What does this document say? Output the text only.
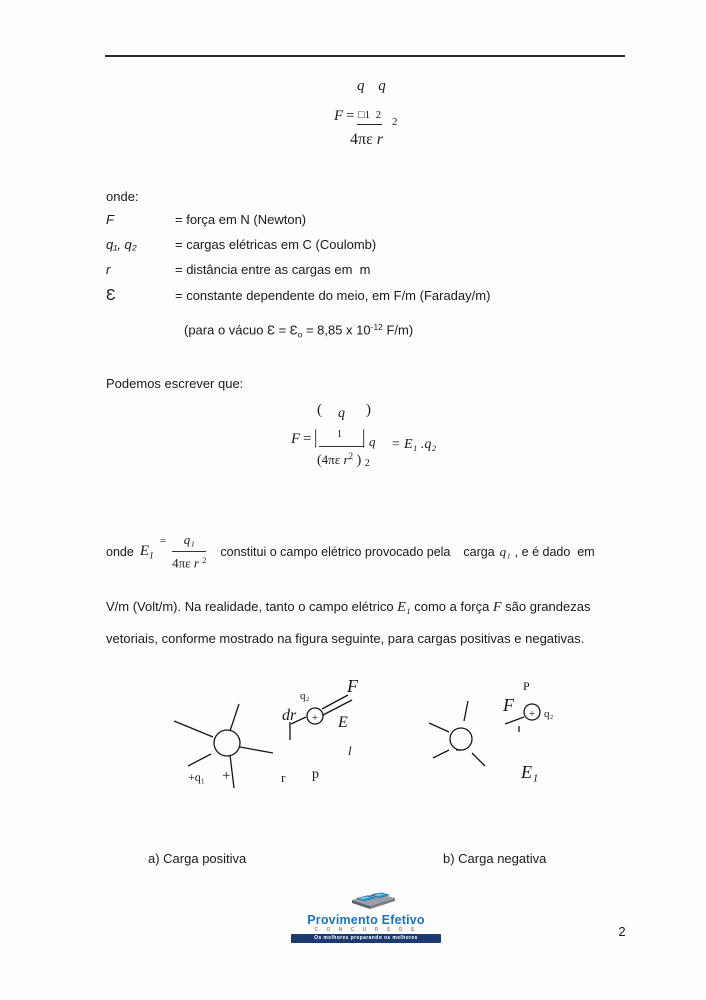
q q
F = □1  2
2
4πε r
onde:
F	= força em N (Newton)
q₁, q₂	= cargas elétricas em C (Coulomb)
r	= distância entre as cargas em  m
Ɛ	= constante dependente do meio, em F/m (Faraday/m)
(para o vácuo Ɛ = $Ɛ_o = 8,85$ x $10^{-12}$ F/m)
Podemos escrever que:
( q )
F = | 1 | q = E₁ .q₂
(4πε $r^2$ ) 2
onde $E_1$
= $\frac{\text{q₁}}{4\pi\varepsilon r ^2}$ constitui o campo elétrico provocado pela carga q₁ , e é dado  em
V/m (Volt/m). Na realidade, tanto o campo elétrico E₁ como a força F são grandezas vetoriais, conforme mostrado na figura seguinte, para cargas positivas e negativas.
+q₁ +
dr +
q₂ F
E
l
r p
P
F + q₂
E₁
a) Carga positiva	b) Carga negativa
Provimento Efetivo
C O N C U R S O S
Os melhores preparando os melhores	2
